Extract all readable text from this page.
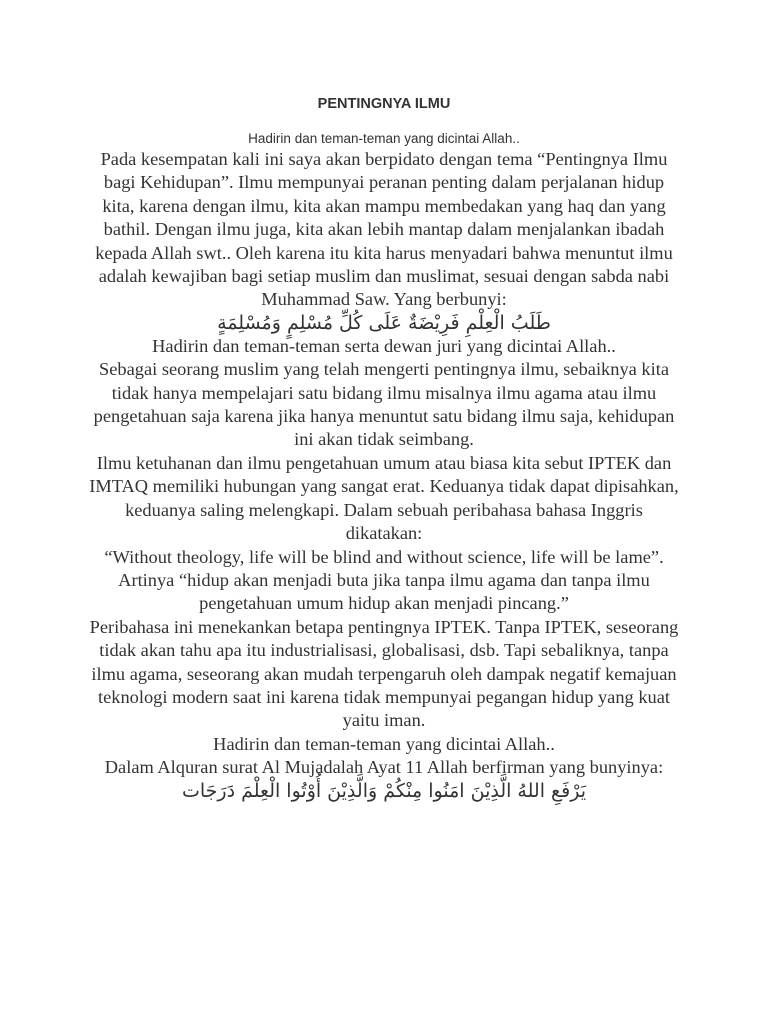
PENTINGNYA ILMU

Hadirin dan teman-teman yang dicintai Allah..

Pada kesempatan kali ini saya akan berpidato dengan tema “Pentingnya Ilmu bagi Kehidupan”. Ilmu mempunyai peranan penting dalam perjalanan hidup kita, karena dengan ilmu, kita akan mampu membedakan yang haq dan yang bathil. Dengan ilmu juga, kita akan lebih mantap dalam menjalankan ibadah kepada Allah swt.. Oleh karena itu kita harus menyadari bahwa menuntut ilmu adalah kewajiban bagi setiap muslim dan muslimat, sesuai dengan sabda nabi Muhammad Saw. Yang berbunyi:

طَلَبُ الْعِلْمِ فَرِيْضَةٌ عَلَى كُلِّ مُسْلِمٍ وَمُسْلِمَةٍ

Hadirin dan teman-teman serta dewan juri yang dicintai Allah..

Sebagai seorang muslim yang telah mengerti pentingnya ilmu, sebaiknya kita tidak hanya mempelajari satu bidang ilmu misalnya ilmu agama atau ilmu pengetahuan saja karena jika hanya menuntut satu bidang ilmu saja, kehidupan ini akan tidak seimbang.

Ilmu ketuhanan dan ilmu pengetahuan umum atau biasa kita sebut IPTEK dan IMTAQ memiliki hubungan yang sangat erat. Keduanya tidak dapat dipisahkan, keduanya saling melengkapi. Dalam sebuah peribahasa bahasa Inggris dikatakan:

“Without theology, life will be blind and without science, life will be lame”. Artinya “hidup akan menjadi buta jika tanpa ilmu agama dan tanpa ilmu pengetahuan umum hidup akan menjadi pincang.”

Peribahasa ini menekankan betapa pentingnya IPTEK. Tanpa IPTEK, seseorang tidak akan tahu apa itu industrialisasi, globalisasi, dsb. Tapi sebaliknya, tanpa ilmu agama, seseorang akan mudah terpengaruh oleh dampak negatif kemajuan teknologi modern saat ini karena tidak mempunyai pegangan hidup yang kuat yaitu iman.

Hadirin dan teman-teman yang dicintai Allah..

Dalam Alquran surat Al Mujadalah Ayat 11 Allah berfirman yang bunyinya:

يَرْفَعِ اللهُ الَّذِيْنَ امَنُوا مِنْكُمْ وَالَّذِيْنَ أُوْتُوا الْعِلْمَ دَرَجَات
